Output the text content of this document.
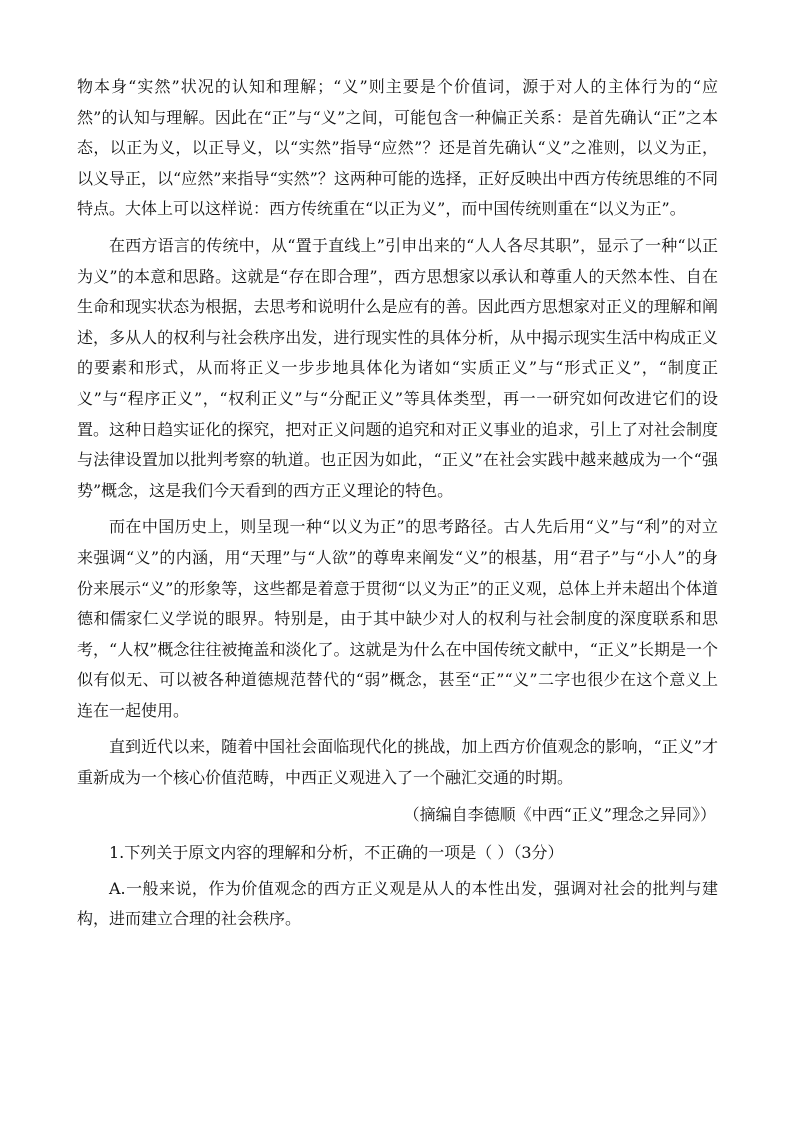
物本身“实然”状况的认知和理解；“义”则主要是个价值词，源于对人的主体行为的“应然”的认知与理解。因此在“正”与“义”之间，可能包含一种偏正关系：是首先确认“正”之本态，以正为义，以正导义，以“实然”指导“应然”？还是首先确认“义”之准则，以义为正，以义导正，以“应然”来指导“实然”？这两种可能的选择，正好反映出中西方传统思维的不同特点。大体上可以这样说：西方传统重在“以正为义”，而中国传统则重在“以义为正”。

在西方语言的传统中，从“置于直线上”引申出来的“人人各尽其职”，显示了一种“以正为义”的本意和思路。这就是“存在即合理”，西方思想家以承认和尊重人的天然本性、自在生命和现实状态为根据，去思考和说明什么是应有的善。因此西方思想家对正义的理解和阐述，多从人的权利与社会秩序出发，进行现实性的具体分析，从中揭示现实生活中构成正义的要素和形式，从而将正义一步步地具体化为诸如“实质正义”与“形式正义”，“制度正义”与“程序正义”，“权利正义”与“分配正义”等具体类型，再一一研究如何改进它们的设置。这种日趋实证化的探究，把对正义问题的追究和对正义事业的追求，引上了对社会制度与法律设置加以批判考察的轨道。也正因为如此，“正义”在社会实践中越来越成为一个“强势”概念，这是我们今天看到的西方正义理论的特色。

而在中国历史上，则呈现一种“以义为正”的思考路径。古人先后用“义”与“利”的对立来强调“义”的内涵，用“天理”与“人欲”的尊卑来阐发“义”的根基，用“君子”与“小人”的身份来展示“义”的形象等，这些都是着意于贯彻“以义为正”的正义观，总体上并未超出个体道德和儒家仁义学说的眼界。特别是，由于其中缺少对人的权利与社会制度的深度联系和思考，“人权”概念往往被掩盖和淡化了。这就是为什么在中国传统文献中，“正义”长期是一个似有似无、可以被各种道德规范替代的“弱”概念，甚至“正”“义”二字也很少在这个意义上连在一起使用。

直到近代以来，随着中国社会面临现代化的挑战，加上西方价值观念的影响，“正义”才重新成为一个核心价值范畴，中西正义观进入了一个融汇交通的时期。

（摘编自李德顺《中西“正义”理念之异同》）

1.下列关于原文内容的理解和分析，不正确的一项是（ ）（3分）

A.一般来说，作为价值观念的西方正义观是从人的本性出发，强调对社会的批判与建构，进而建立合理的社会秩序。
